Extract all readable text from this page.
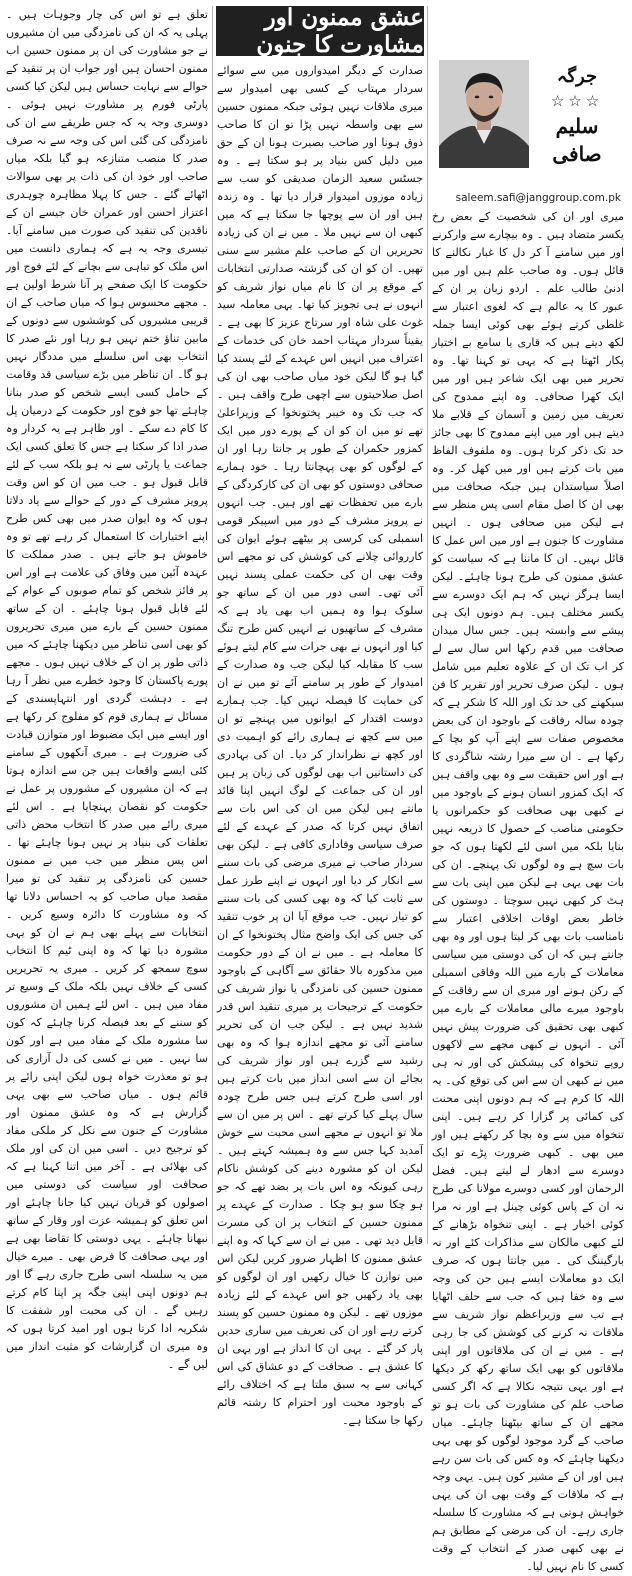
عشق ممنون اور مشاورت کا جنون
جرگہ
☆☆☆
سلیم صافی
saleem.safi@janggroup.com.pk

میری اور ان کی شخصیت کے بعض رخ یکسر متضاد ہیں ۔ وہ بیچارے سے وارکرنے اور میں سامنے آ کر دل کا غبار نکالنے کا قائل ہوں۔ وہ صاحب علم ہیں اور میں ادنیٰ طالب علم ۔ اردو زبان پر ان کے عبور کا یہ عالم ہے کہ لغوی اعتبار سے غلطی کرتے ہوئے بھی کوئی ایسا جملہ لکھ دیتے ہیں کہ قاری یا سامع بے اختیار پکار اٹھتا ہے کہ یہی تو کہنا تھا۔ وہ تحریر میں بھی ایک شاعر ہیں اور میں ایک کھرا صحافی۔ وہ اپنے ممدوح کی تعریف میں زمین و آسمان کے قلابے ملا دیتے ہیں اور میں اپنے ممدوح کا بھی جائز حد تک ذکر کرتا ہوں۔ وہ ملفوف الفاظ میں بات کرتے ہیں اور میں کھل کر۔ وہ اصلاً سیاستدان ہیں جبکہ صحافت میں بھی ان کا اصل مقام اسی پس منظر سے ہے لیکن میں صحافی ہوں ۔ انہیں مشاورت کا جنون ہے اور میں اس عمل کا قائل نہیں۔ ان کا ماننا ہے کہ سیاست کو عشق ممنون کی طرح ہونا چاہئے۔ لیکن ایسا ہرگز نہیں کہ ہم ایک دوسرے سے یکسر مختلف ہیں۔ ہم دونوں ایک ہی پیشے سے وابستہ ہیں۔ جس سال میدان صحافت میں قدم رکھا اس سال سے لے کر اب تک ان کے علاوہ تعلیم میں شامل ہوں ۔ لیکن صرف تحریر اور تقریر کا فن سیکھنے کی حد تک اور اللہ کا شکر ہے کہ چودہ سالہ رفاقت کے باوجود ان کی بعض مخصوص صفات سے اپنے آپ کو بچا کے رکھا ہے ۔ ان سے میرا رشتہ شاگردی کا ہے اور اس حقیقت سے وہ بھی واقف ہیں کہ ایک کمزور انسان ہونے کے باوجود میں نے کبھی بھی صحافت کو حکمرانوں یا حکومتی مناصب کے حصول کا ذریعہ نہیں بنایا بلکہ میں اسی لئے لکھتا ہوں کہ جو بات سچ ہے وہ لوگوں تک پہنچے۔ ان کی بات بھی یہی ہے لیکن میں اپنی بات سے ہٹ کر کبھی نہیں سوچتا ۔ دوستوں کی خاطر بعض اوقات اخلاقی اعتبار سے نامناسب بات بھی کر لیتا ہوں اور وہ بھی جانتے ہیں کہ ان کی دوستی میں سیاسی معاملات کے بارے میں اللہ وفاقی اسمبلی کے رکن ہونے اور میری ان سے رفاقت کے باوجود میرے مالی معاملات کے بارے میں کبھی بھی تحقیق کی ضرورت پیش نہیں آئی ۔ انہوں نے کبھی مجھے سے لاکھوں روپے تنخواہ کی پیشکش کی اور نہ ہی میں نے کبھی ان سے اس کی توقع کی۔ یہ اللہ کا کرم ہے کہ ہم دونوں اپنی محنت کی کمائی پر گزارا کر رہے ہیں۔ اپنی تنخواہ میں سے وہ بچا کر رکھتے ہیں اور میں بھی ۔ کبھی ضرورت پڑے تو ایک دوسرے سے ادھار لے لیتے ہیں۔ فضل الرحمان اور کسی دوسرے مولانا کی طرح نہ ان کے پاس کوئی چینل ہے اور نہ مرا کوئی اخبار ہے ۔ اپنی تنخواہ بڑھانے کے لئے کبھی مالکان سے مذاکرات کئے اور نہ بارگیننگ کی ۔ میں جانتا ہوں کہ صرف ایک دو معاملات ایسے ہیں جن کی وجہ سے وہ خفا ہیں کہ جب سے حلف اٹھایا ہے تب سے وزیراعظم نواز شریف سے ملاقات نہ کرنے کی کوشش کی جا رہی ہے ۔ میں نے ان کی ملاقاتوں اور اپنی ملاقاتوں کو بھی ایک ساتھ رکھ کر دیکھا ہے اور یہی نتیجہ نکالا ہے کہ اگر کسی صاحب علم کی مشاورت کی بات ہو تو مجھے ان کے ساتھ بیٹھنا چاہئے۔ میاں صاحب کے گرد موجود لوگوں کو بھی یہی دیکھنا چاہئے کہ وہ کس کی بات سن رہے ہیں اور ان کے مشیر کون ہیں۔ یہی وجہ ہے کہ ملاقات کے وقت بھی ان کی یہی خواہش ہوتی ہے کہ مشاورت کا سلسلہ جاری رہے۔ ان کی مرضی کے مطابق ہم نے بھی کبھی صدر کے انتخاب کے وقت کسی کا نام نہیں لیا۔

صدارت کے دیگر امیدواروں میں سے سوائے سردار مہتاب کے کسی بھی امیدوار سے میری ملاقات نہیں ہوئی جبکہ ممنون حسین سے بھی واسطہ نہیں پڑا تو ان کا صاحب ذوق ہونا اور صاحب بصیرت ہونا ان کے حق میں دلیل کس بنیاد پر ہو سکتا ہے ۔ وہ جسٹس سعید الزمان صدیقی کو سب سے زیادہ موزوں امیدوار قرار دیا تھا ۔ وہ زندہ ہیں اور ان سے پوچھا جا سکتا ہے کہ میں کبھی ان سے نہیں ملا ۔ میں نے ان کی زیادہ تحریریں ان کے صاحب علم مشیر سے سنی تھیں۔ ان کو ان کی گزشتہ صدارتی انتخابات کے موقع پر ان کا نام میاں نواز شریف کو انہوں نے ہی تجویز کیا تھا۔ یہی معاملہ سید غوث علی شاہ اور سرتاج عزیز کا بھی ہے ۔ یقیناً سردار مہتاب احمد خان کی خدمات کے اعتراف میں انہیں اس عہدے کے لئے پسند کیا گیا ہو گا لیکن خود میاں صاحب بھی ان کی اصل صلاحیتوں سے اچھی طرح واقف ہیں ۔ کہ جب تک وہ خیبر پختونخوا کے وزیراعلیٰ تھے تو میں ان کو ان کے پورے دور میں ایک کمزور حکمران کے طور پر جانتا رہا اور ان کے لوگوں کو بھی پہچانتا رہا ۔ خود ہمارے صحافی دوستوں کو بھی ان کی کارکردگی کے بارے میں تحفظات تھے اور ہیں۔ جب انہوں نے پرویز مشرف کے دور میں اسپیکر قومی اسمبلی کی کرسی پر بیٹھے ہوئے ایوان کی کارروائی چلانے کی کوشش کی تو مجھے اس وقت بھی ان کی حکمت عملی پسند نہیں آئی تھی۔ اسی دور میں ان کے ساتھ جو سلوک ہوا وہ ہمیں اب بھی یاد ہے کہ مشرف کے ساتھیوں نے انہیں کس طرح تنگ کیا اور انہوں نے بھی جرات سے کام لیتے ہوئے سب کا مقابلہ کیا لیکن جب وہ صدارت کے امیدوار کے طور پر سامنے آئے تو میں نے ان کی حمایت کا فیصلہ نہیں کیا۔ جب ہمارے دوست اقتدار کے ایوانوں میں پہنچے تو ان میں سے کچھ نے ہماری رائے کو اہمیت دی اور کچھ نے نظرانداز کر دیا۔ ان کی بہادری کی داستانیں اب بھی لوگوں کی زبان پر ہیں اور ان کی جماعت کے لوگ انہیں اپنا قائد مانتے ہیں لیکن میں ان کی اس بات سے اتفاق نہیں کرتا کہ صدر کے عہدے کے لئے صرف سیاسی وفاداری کافی ہے ۔ لیکن بھی سردار صاحب نے میری مرضی کی بات سننے سے انکار کر دیا اور انہوں نے اپنے طرز عمل سے ثابت کیا کہ وہ بھی کسی کی بات سننے کو تیار نہیں۔ جب موقع آیا ان پر خوب تنقید کی جس کی ایک واضح مثال پختونخوا کے ان کا معاملہ ہے ۔ میں نے ان کے دور حکومت میں مذکورہ بالا حقائق سے آگاہی کے باوجود ممنون حسین کی نامزدگی یا نواز شریف کی حکومت کے ترجیحات پر میری تنقید اس قدر شدید نہیں ہے ۔ لیکن جب ان کی تحریر سامنے آئی تو مجھے اندازہ ہوا کہ وہ بھی رشید سے گزرے ہیں اور نواز شریف کی بجائے ان سے اسی انداز میں بات کرتے ہیں اور اسی طرح کرتے ہیں جس طرح چودہ سال پہلے کیا کرتے تھے ۔ اس پر میں ان سے ملا تو انہوں نے مجھے اسی محبت سے خوش آمدید کہا جس سے وہ ہمیشہ کہتے ہیں ۔ لیکن ان کو مشورہ دینے کی کوشش ناکام رہی کیونکہ وہ اس بات پر بضد تھے کہ جو ہو چکا سو ہو چکا ۔ صدارت کے عہدے پر ممنون حسین کے انتخاب پر ان کی مسرت قابل دید تھی ۔ میں نے ان سے کہا کہ وہ اپنے عشق ممنون کا اظہار ضرور کریں لیکن اس میں توازن کا خیال رکھیں اور ان لوگوں کو بھی یاد رکھیں جو اس عہدے کے لئے زیادہ موزوں تھے ۔ لیکن وہ ممنون حسین کو پسند کرتے رہے اور ان کی تعریف میں ساری حدیں پار کر گئے ۔ یہی ان کا انداز ہے اور یہی ان کا عشق ہے ۔ صحافت کے دو عشاق کی اس کہانی سے یہ سبق ملتا ہے کہ اختلاف رائے کے باوجود محبت اور احترام کا رشتہ قائم رکھا جا سکتا ہے۔

تعلق ہے تو اس کی چار وجوہات ہیں ۔ پہلی یہ کہ ان کی نامزدگی میں ان مشیروں نے جو مشاورت کی ان پر ممنون حسین اب ممنون احسان ہیں اور جواب ان پر تنقید کے حوالے سے نہایت حساس ہیں لیکن کیا کسی پارٹی فورم پر مشاورت نہیں ہوئی ۔ دوسری وجہ یہ کہ جس طریقے سے ان کی نامزدگی کی گئی اس کی وجہ سے نہ صرف صدر کا منصب متنازعہ ہو گیا بلکہ میاں صاحب اور خود ان کی ذات پر بھی سوالات اٹھائے گئے ۔ جس کا پہلا مظاہرہ چوہدری اعتزاز احسن اور عمران خان جیسے ان کے ناقدین کی تنقید کی صورت میں سامنے آیا۔ تیسری وجہ یہ ہے کہ ہماری دانست میں اس ملک کو تباہی سے بچانے کے لئے فوج اور حکومت کا ایک صفحے پر آنا شرط اولین ہے ۔ مجھے محسوس ہوا کہ میاں صاحب کے ان قریبی مشیروں کی کوششوں سے دونوں کے مابین تناؤ ختم نہیں ہو رہا اور نئے صدر کا انتخاب بھی اس سلسلے میں مددگار نہیں ہو گا۔ ان تناظر میں بڑے سیاسی قد وقامت کے حامل کسی ایسے شخص کو صدر بنانا چاہئے تھا جو فوج اور حکومت کے درمیان پل کا کام دے سکے ۔ اور ظاہر ہے یہ کردار وہ صدر ادا کر سکتا ہے جس کا تعلق کسی ایک جماعت یا پارٹی سے نہ ہو بلکہ سب کے لئے قابل قبول ہو ۔ جب میں ان کو اس وقت پرویز مشرف کے دور کے حوالے سے یاد دلاتا ہوں کہ وہ ایوان صدر میں بھی کس طرح اپنے اختیارات کا استعمال کر رہے تھے تو وہ خاموش ہو جاتے ہیں ۔ صدر مملکت کا عہدہ آئین میں وفاق کی علامت ہے اور اس پر فائز شخص کو تمام صوبوں کے عوام کے لئے قابل قبول ہونا چاہئے ۔ ان کے ساتھ ممنون حسین کے بارے میں میری تحریروں کو بھی اسی تناظر میں دیکھنا چاہئے کہ میں ذاتی طور پر ان کے خلاف نہیں ہوں ۔ مجھے پورے پاکستان کا وجود خطرے میں نظر آ رہا ہے ۔ دہشت گردی اور انتہاپسندی کے مسائل نے ہماری قوم کو مفلوج کر رکھا ہے اور ایسے میں ایک مضبوط اور متوازن قیادت کی ضرورت ہے ۔ میری آنکھوں کے سامنے کئی ایسے واقعات ہیں جن سے اندازہ ہوتا ہے کہ ان مشیروں کے مشوروں پر عمل نے حکومت کو نقصان پہنچایا ہے ۔ اس لئے میری رائے میں صدر کا انتخاب محض ذاتی تعلقات کی بنیاد پر نہیں ہونا چاہئے تھا ۔ اس پس منظر میں جب میں نے ممنون حسین کی نامزدگی پر تنقید کی تو میرا مقصد میاں صاحب کو یہ احساس دلانا تھا کہ وہ مشاورت کا دائرہ وسیع کریں ۔ انتخابات سے پہلے بھی ہم نے ان کو یہی مشورہ دیا تھا کہ وہ اپنی ٹیم کا انتخاب سوچ سمجھ کر کریں ۔ میری یہ تحریریں کسی کے خلاف نہیں بلکہ ملک کے وسیع تر مفاد میں ہیں ۔ اس لئے ہمیں ان مشوروں کو سننے کے بعد فیصلہ کرنا چاہئے کہ کون سا مشورہ ملک کے مفاد میں ہے اور کون سا نہیں ۔ میں نے کسی کی دل آزاری کی ہو تو معذرت خواہ ہوں لیکن اپنی رائے پر قائم ہوں ۔ میاں صاحب سے بھی یہی گزارش ہے کہ وہ عشق ممنون اور مشاورت کے جنون سے نکل کر ملکی مفاد کو ترجیح دیں ۔ اسی میں ان کی اور ملک کی بھلائی ہے ۔ آخر میں اتنا کہنا ہے کہ صحافت اور سیاست کی دوستی میں اصولوں کو قربان نہیں کیا جانا چاہئے اور اس تعلق کو ہمیشہ عزت اور وقار کے ساتھ نبھانا چاہئے ۔ یہی دوستی کا تقاضا بھی ہے اور یہی صحافت کا فرض بھی ۔ میرے خیال میں یہ سلسلہ اسی طرح جاری رہے گا اور ہم دونوں اپنی اپنی جگہ پر اپنا کام کرتے رہیں گے ۔ ان کی محبت اور شفقت کا شکریہ ادا کرتا ہوں اور امید کرتا ہوں کہ وہ میری ان گزارشات کو مثبت انداز میں لیں گے ۔
